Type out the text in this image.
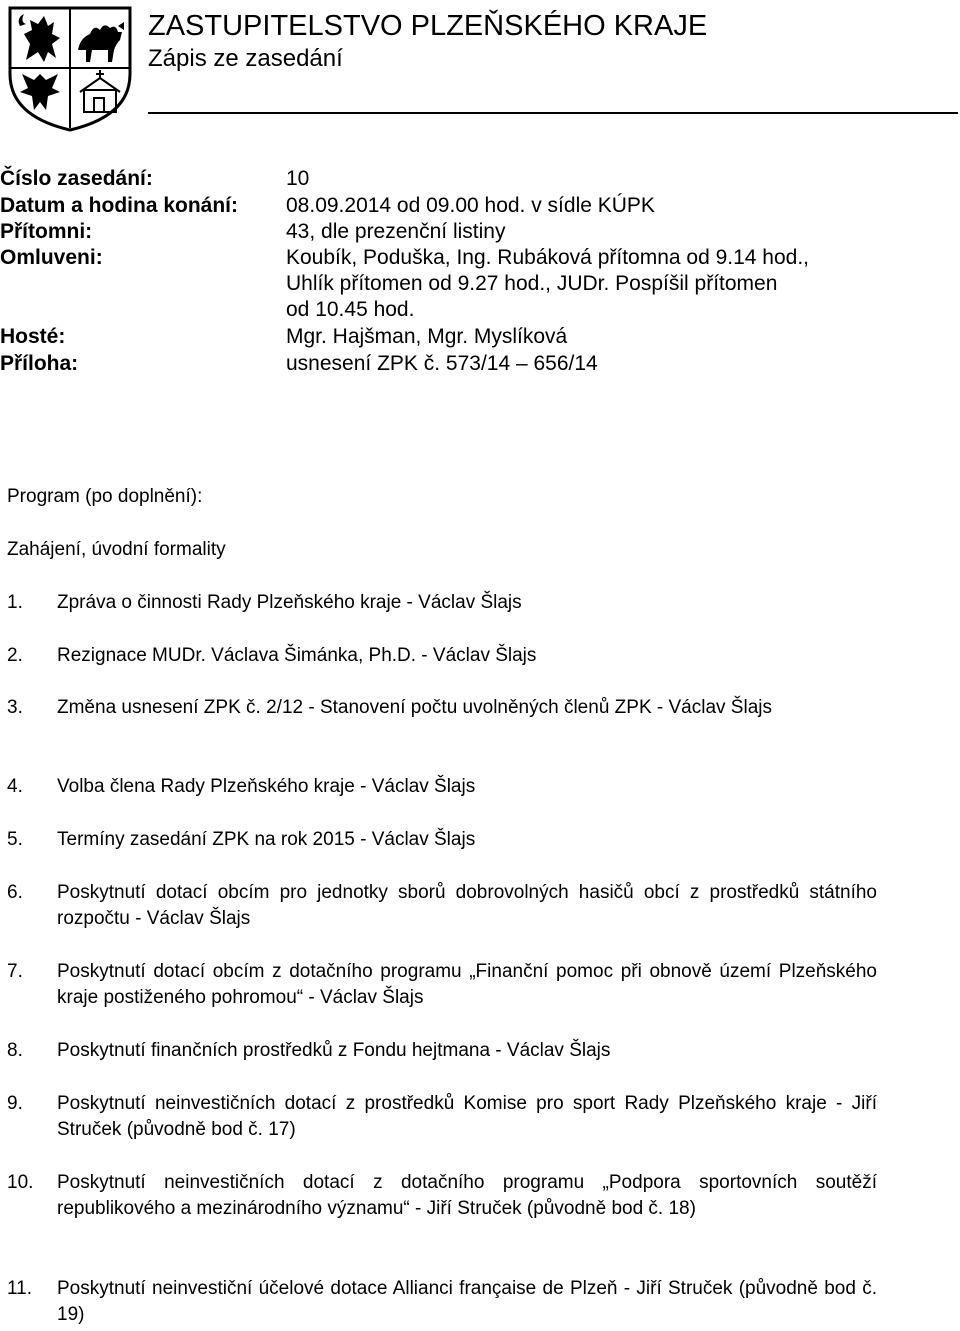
ZASTUPITELSTVO PLZEŇSKÉHO KRAJE
Zápis ze zasedání
Číslo zasedání:	10
Datum a hodina konání: 08.09.2014 od 09.00 hod. v sídle KÚPK
Přítomni:	43, dle prezenční listiny
Omluveni:	Koubík, Poduška, Ing. Rubáková přítomna od 9.14 hod.,
Uhlík přítomen od 9.27 hod., JUDr. Pospíšil přítomen
od 10.45 hod.
Hosté:	Mgr. Hajšman, Mgr. Myslíková
Příloha:	usnesení ZPK č. 573/14 – 656/14
Program (po doplnění):
Zahájení, úvodní formality
1. Zpráva o činnosti Rady Plzeňského kraje - Václav Šlajs
2. Rezignace MUDr. Václava Šimánka, Ph.D. - Václav Šlajs
3. Změna usnesení ZPK č. 2/12 - Stanovení počtu uvolněných členů ZPK - Václav Šlajs
4. Volba člena Rady Plzeňského kraje - Václav Šlajs
5. Termíny zasedání ZPK na rok 2015 - Václav Šlajs
6. Poskytnutí dotací obcím pro jednotky sborů dobrovolných hasičů obcí z prostředků státního rozpočtu - Václav Šlajs
7. Poskytnutí dotací obcím z dotačního programu „Finanční pomoc při obnově území Plzeňského kraje postiženého pohromou“ - Václav Šlajs
8. Poskytnutí finančních prostředků z Fondu hejtmana - Václav Šlajs
9. Poskytnutí neinvestičních dotací z prostředků Komise pro sport Rady Plzeňského kraje - Jiří Struček (původně bod č. 17)
10. Poskytnutí neinvestičních dotací z dotačního programu „Podpora sportovních soutěží republikového a mezinárodního významu“ - Jiří Struček (původně bod č. 18)
11. Poskytnutí neinvestiční účelové dotace Allianci française de Plzeň - Jiří Struček (původně bod č. 19)
